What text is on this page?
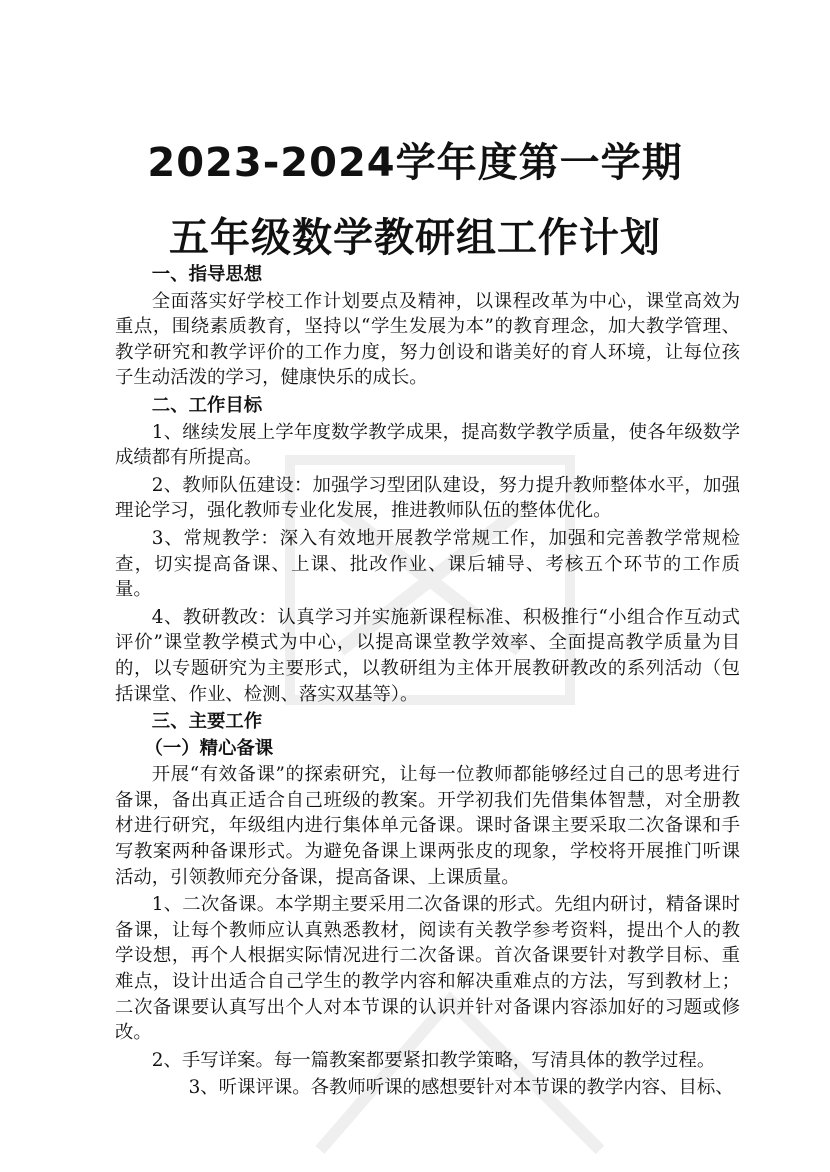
2023-2024学年度第一学期
五年级数学教研组工作计划
一、指导思想

全面落实好学校工作计划要点及精神，以课程改革为中心，课堂高效为重点，围绕素质教育，坚持以“学生发展为本”的教育理念，加大教学管理、教学研究和教学评价的工作力度，努力创设和谐美好的育人环境，让每位孩子生动活泼的学习，健康快乐的成长。

二、工作目标

1、继续发展上学年度数学教学成果，提高数学教学质量，使各年级数学成绩都有所提高。

2、教师队伍建设：加强学习型团队建设，努力提升教师整体水平，加强理论学习，强化教师专业化发展，推进教师队伍的整体优化。

3、常规教学：深入有效地开展教学常规工作，加强和完善教学常规检查，切实提高备课、上课、批改作业、课后辅导、考核五个环节的工作质量。

4、教研教改：认真学习并实施新课程标准、积极推行“小组合作互动式评价”课堂教学模式为中心，以提高课堂教学效率、全面提高教学质量为目的，以专题研究为主要形式，以教研组为主体开展教研教改的系列活动（包括课堂、作业、检测、落实双基等）。

三、主要工作
（一）精心备课

开展“有效备课”的探索研究，让每一位教师都能够经过自己的思考进行备课，备出真正适合自己班级的教案。开学初我们先借集体智慧，对全册教材进行研究，年级组内进行集体单元备课。课时备课主要采取二次备课和手写教案两种备课形式。为避免备课上课两张皮的现象，学校将开展推门听课活动，引领教师充分备课，提高备课、上课质量。

1、二次备课。本学期主要采用二次备课的形式。先组内研讨，精备课时备课，让每个教师应认真熟悉教材，阅读有关教学参考资料，提出个人的教学设想，再个人根据实际情况进行二次备课。首次备课要针对教学目标、重难点，设计出适合自己学生的教学内容和解决重难点的方法，写到教材上；二次备课要认真写出个人对本节课的认识并针对备课内容添加好的习题或修改。

2、手写详案。每一篇教案都要紧扣教学策略，写清具体的教学过程。

3、听课评课。各教师听课的感想要针对本节课的教学内容、目标、
